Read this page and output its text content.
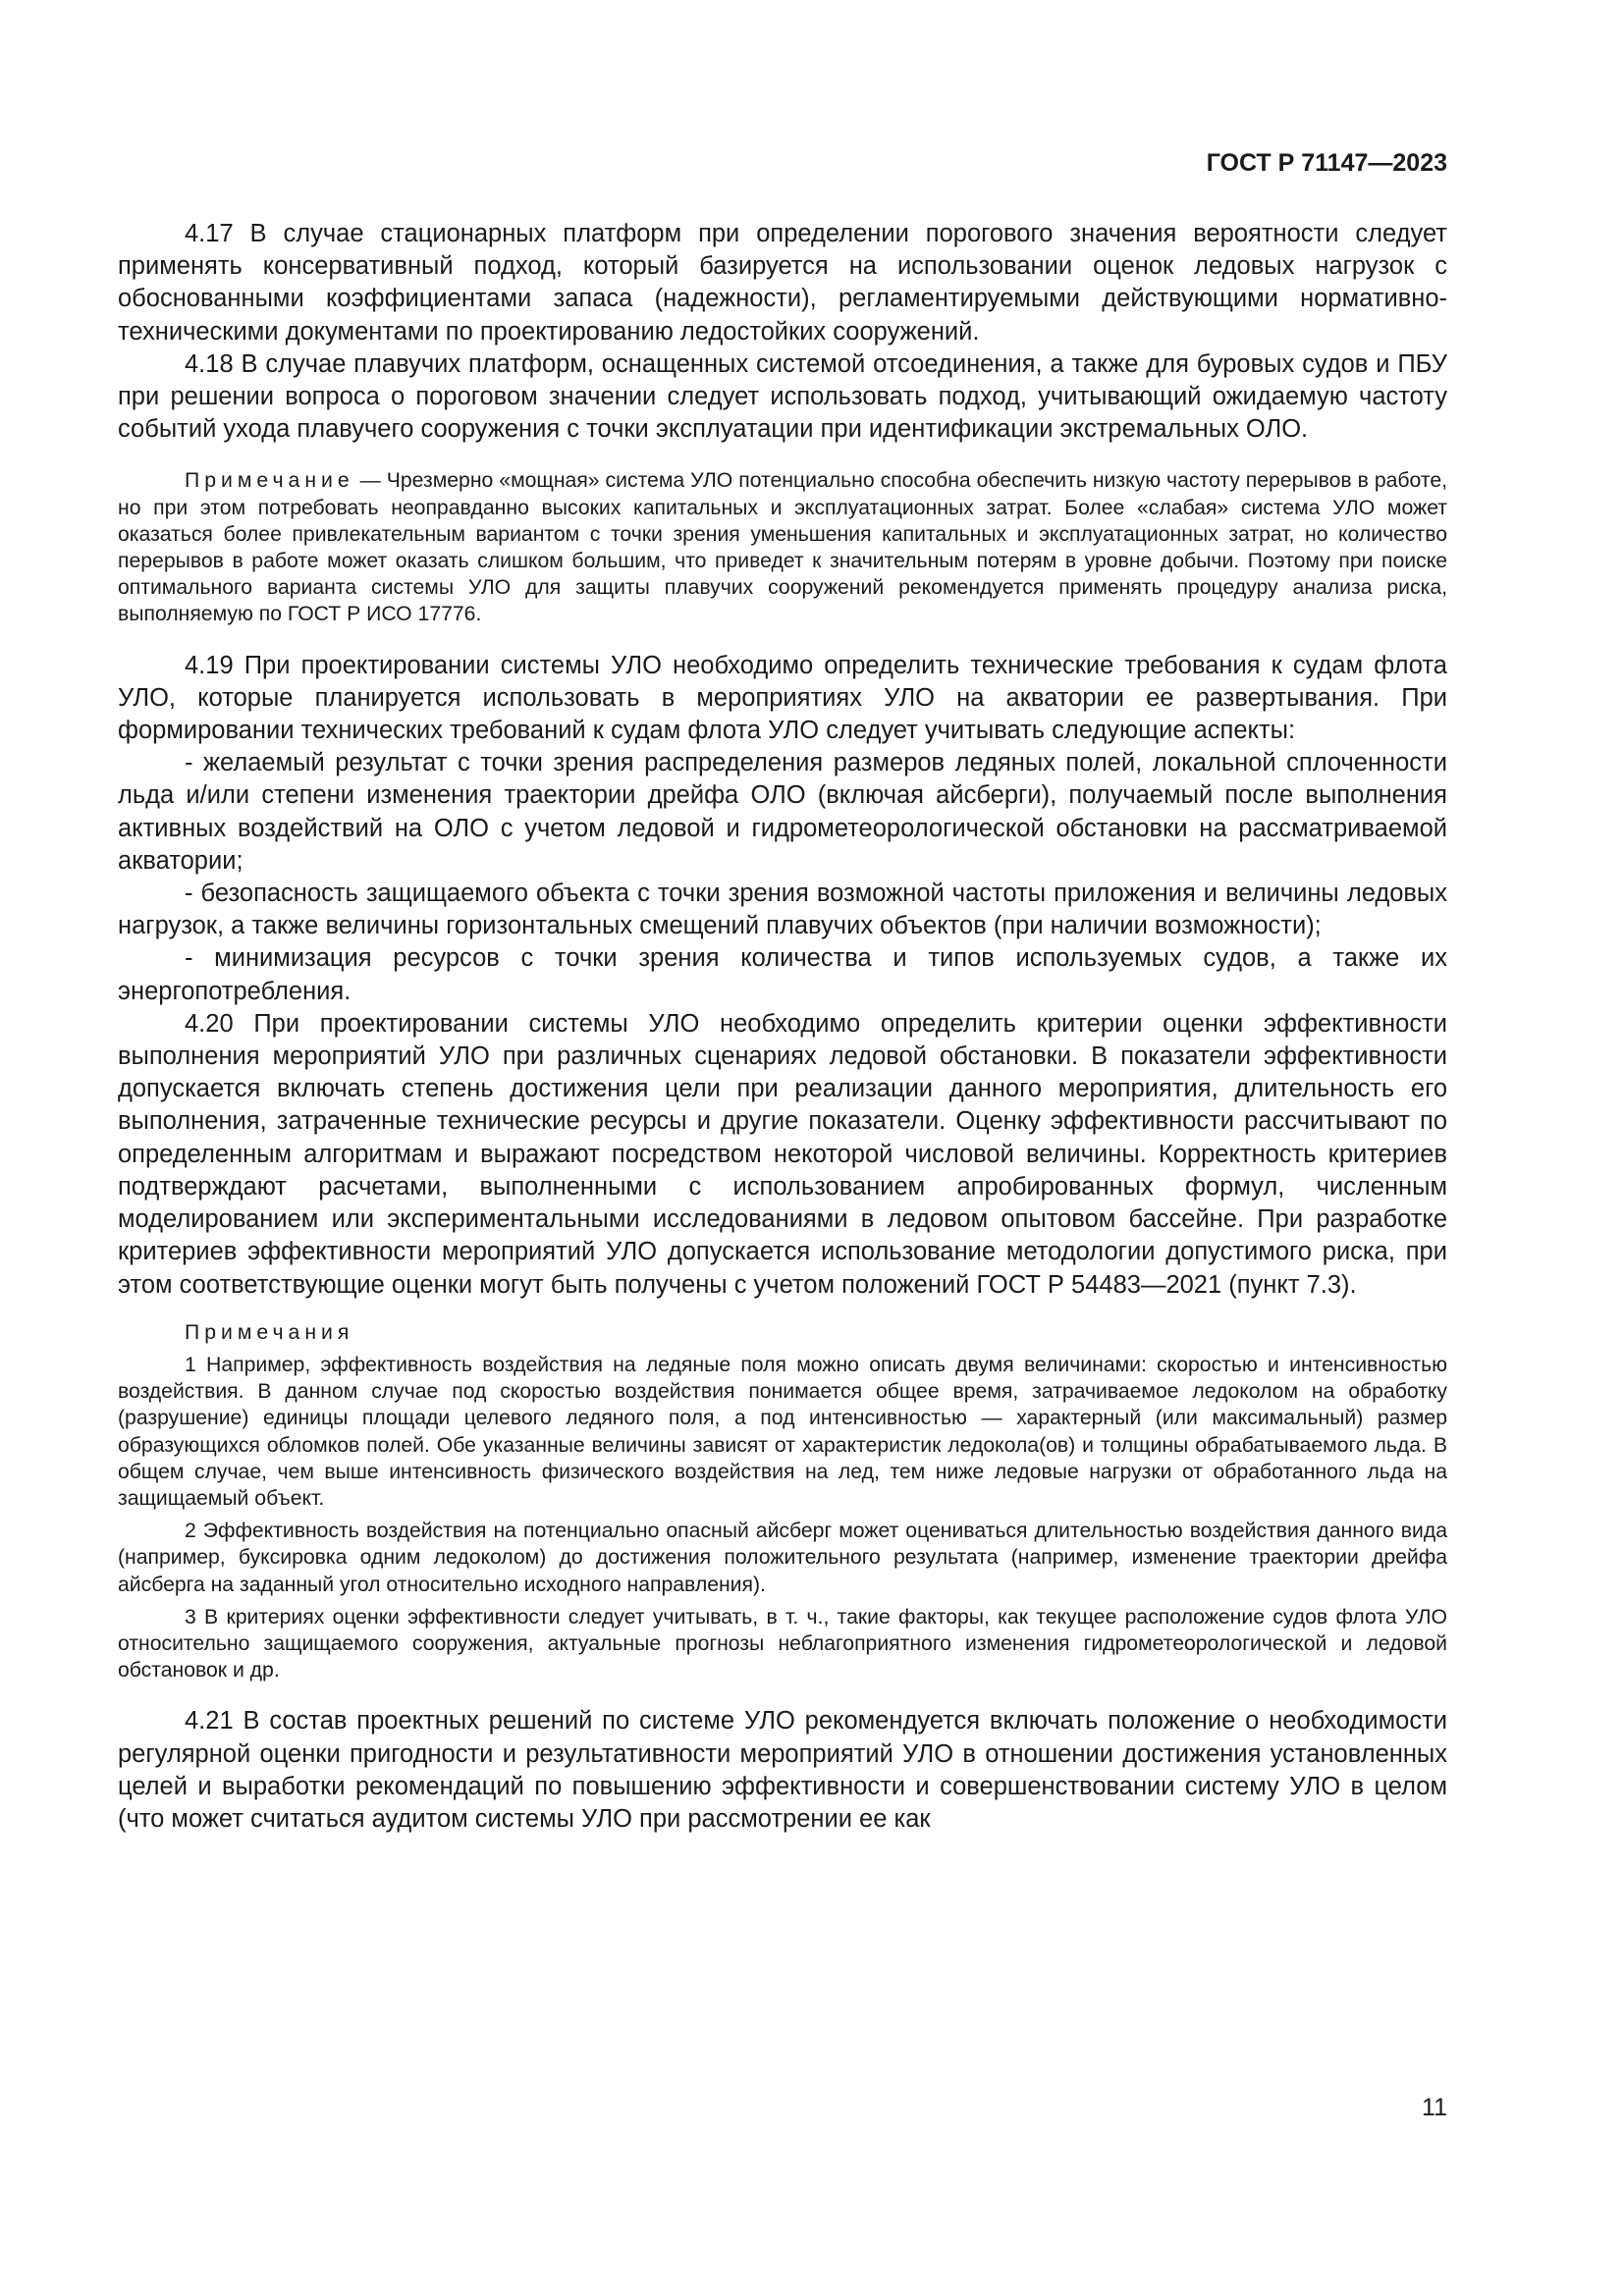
ГОСТ Р 71147—2023

4.17 В случае стационарных платформ при определении порогового значения вероятности следует применять консервативный подход, который базируется на использовании оценок ледовых нагрузок с обоснованными коэффициентами запаса (надежности), регламентируемыми действующими нормативно-техническими документами по проектированию ледостойких сооружений.

4.18 В случае плавучих платформ, оснащенных системой отсоединения, а также для буровых судов и ПБУ при решении вопроса о пороговом значении следует использовать подход, учитывающий ожидаемую частоту событий ухода плавучего сооружения с точки эксплуатации при идентификации экстремальных ОЛО.

Примечание — Чрезмерно «мощная» система УЛО потенциально способна обеспечить низкую частоту перерывов в работе, но при этом потребовать неоправданно высоких капитальных и эксплуатационных затрат. Более «слабая» система УЛО может оказаться более привлекательным вариантом с точки зрения уменьшения капитальных и эксплуатационных затрат, но количество перерывов в работе может оказать слишком большим, что приведет к значительным потерям в уровне добычи. Поэтому при поиске оптимального варианта системы УЛО для защиты плавучих сооружений рекомендуется применять процедуру анализа риска, выполняемую по ГОСТ Р ИСО 17776.

4.19 При проектировании системы УЛО необходимо определить технические требования к судам флота УЛО, которые планируется использовать в мероприятиях УЛО на акватории ее развертывания. При формировании технических требований к судам флота УЛО следует учитывать следующие аспекты:

- желаемый результат с точки зрения распределения размеров ледяных полей, локальной сплоченности льда и/или степени изменения траектории дрейфа ОЛО (включая айсберги), получаемый после выполнения активных воздействий на ОЛО с учетом ледовой и гидрометеорологической обстановки на рассматриваемой акватории;

- безопасность защищаемого объекта с точки зрения возможной частоты приложения и величины ледовых нагрузок, а также величины горизонтальных смещений плавучих объектов (при наличии возможности);

- минимизация ресурсов с точки зрения количества и типов используемых судов, а также их энергопотребления.

4.20 При проектировании системы УЛО необходимо определить критерии оценки эффективности выполнения мероприятий УЛО при различных сценариях ледовой обстановки. В показатели эффективности допускается включать степень достижения цели при реализации данного мероприятия, длительность его выполнения, затраченные технические ресурсы и другие показатели. Оценку эффективности рассчитывают по определенным алгоритмам и выражают посредством некоторой числовой величины. Корректность критериев подтверждают расчетами, выполненными с использованием апробированных формул, численным моделированием или экспериментальными исследованиями в ледовом опытовом бассейне. При разработке критериев эффективности мероприятий УЛО допускается использование методологии допустимого риска, при этом соответствующие оценки могут быть получены с учетом положений ГОСТ Р 54483—2021 (пункт 7.3).

Примечания

1 Например, эффективность воздействия на ледяные поля можно описать двумя величинами: скоростью и интенсивностью воздействия. В данном случае под скоростью воздействия понимается общее время, затрачиваемое ледоколом на обработку (разрушение) единицы площади целевого ледяного поля, а под интенсивностью — характерный (или максимальный) размер образующихся обломков полей. Обе указанные величины зависят от характеристик ледокола(ов) и толщины обрабатываемого льда. В общем случае, чем выше интенсивность физического воздействия на лед, тем ниже ледовые нагрузки от обработанного льда на защищаемый объект.

2 Эффективность воздействия на потенциально опасный айсберг может оцениваться длительностью воздействия данного вида (например, буксировка одним ледоколом) до достижения положительного результата (например, изменение траектории дрейфа айсберга на заданный угол относительно исходного направления).

3 В критериях оценки эффективности следует учитывать, в т. ч., такие факторы, как текущее расположение судов флота УЛО относительно защищаемого сооружения, актуальные прогнозы неблагоприятного изменения гидрометеорологической и ледовой обстановок и др.

4.21 В состав проектных решений по системе УЛО рекомендуется включать положение о необходимости регулярной оценки пригодности и результативности мероприятий УЛО в отношении достижения установленных целей и выработки рекомендаций по повышению эффективности и совершенствовании систему УЛО в целом (что может считаться аудитом системы УЛО при рассмотрении ее как

11
